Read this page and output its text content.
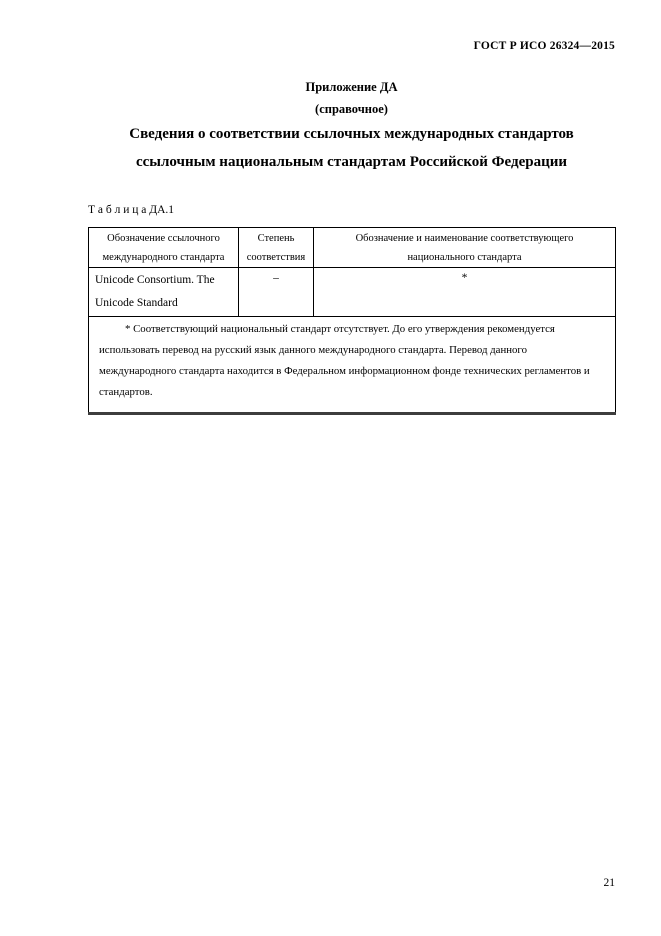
ГОСТ Р ИСО 26324—2015
Приложение ДА
(справочное)
Сведения о соответствии ссылочных международных стандартов
ссылочным национальным стандартам Российской Федерации
Т а б л и ц а ДА.1
Обозначение ссылочного международного стандарта	Степень соответствия	Обозначение и наименование соответствующего национального стандарта

Unicode Consortium. The Unicode Standard	–	*

* Соответствующий национальный стандарт отсутствует. До его утверждения рекомендуется
использовать перевод на русский язык данного международного стандарта. Перевод данного
международного стандарта находится в Федеральном информационном фонде технических регламентов и
стандартов.		
21
